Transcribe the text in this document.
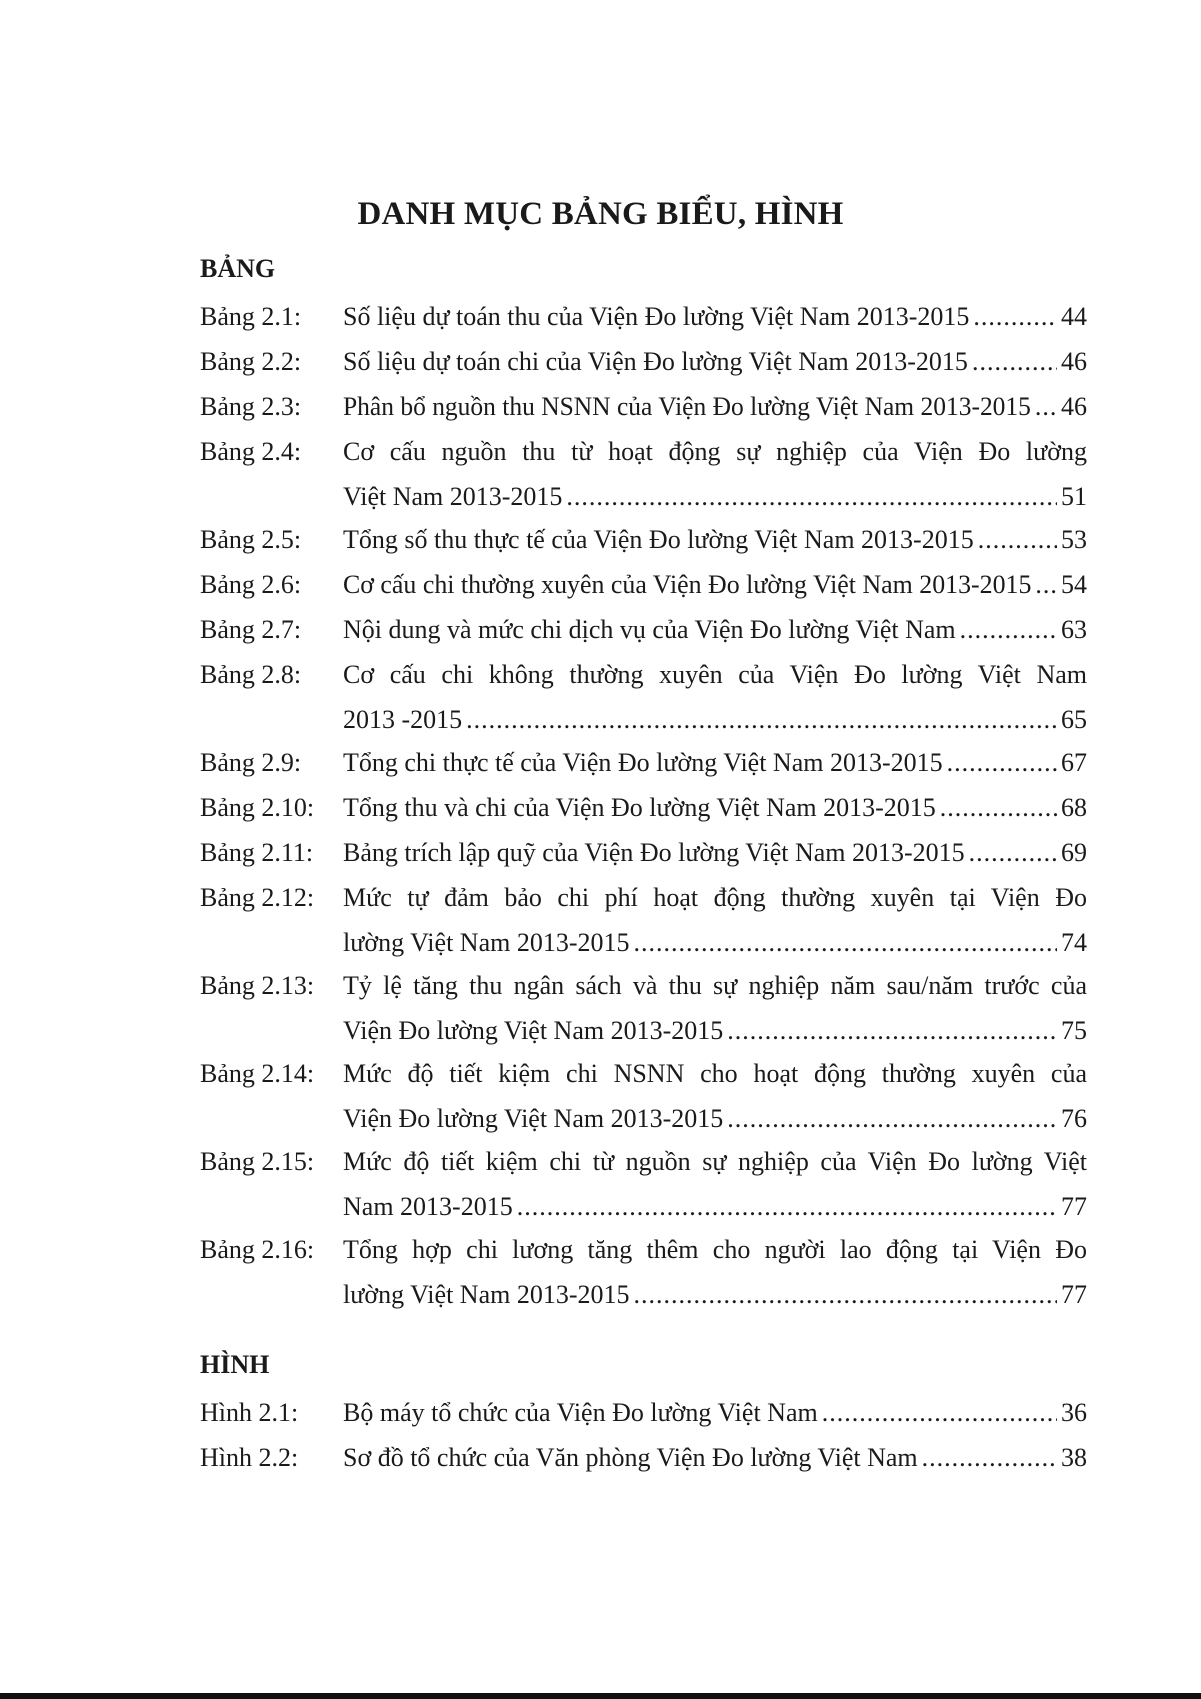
DANH MỤC BẢNG BIỂU, HÌNH
BẢNG
HÌNH
Bảng 2.1: Số liệu dự toán thu của Viện Đo lường Việt Nam 2013-2015 .....	44
Bảng 2.2: Số liệu dự toán chi của Viện Đo lường Việt Nam 2013-2015 .....	46
Bảng 2.3: Phân bổ nguồn thu NSNN của Viện Đo lường Việt Nam 2013-2015 ..... 46
Bảng 2.4: Cơ cấu nguồn thu từ hoạt động sự nghiệp của Viện Đo lường
Việt Nam 2013-2015 .....	51
Bảng 2.5: Tổng số thu thực tế của Viện Đo lường Việt Nam 2013-2015 .....	53
Bảng 2.6: Cơ cấu chi thường xuyên của Viện Đo lường Việt Nam 2013-2015 ..... 54
Bảng 2.7: Nội dung và mức chi dịch vụ của Viện Đo lường Việt Nam .....	63
Bảng 2.8: Cơ cấu chi không thường xuyên của Viện Đo lường Việt Nam
2013 -2015 .....	65
Bảng 2.9: Tổng chi thực tế của Viện Đo lường Việt Nam 2013-2015 .....	67
Bảng 2.10: Tổng thu và chi của Viện Đo lường Việt Nam 2013-2015 .....	68
Bảng 2.11: Bảng trích lập quỹ của Viện Đo lường Việt Nam 2013-2015 .....	69
Bảng 2.12: Mức tự đảm bảo chi phí hoạt động thường xuyên tại Viện Đo
lường Việt Nam 2013-2015 .....	74
Bảng 2.13: Tỷ lệ tăng thu ngân sách và thu sự nghiệp năm sau/năm trước của
Viện Đo lường Việt Nam 2013-2015 .....	75
Bảng 2.14: Mức độ tiết kiệm chi NSNN cho hoạt động thường xuyên của
Viện Đo lường Việt Nam 2013-2015 .....	76
Bảng 2.15: Mức độ tiết kiệm chi từ nguồn sự nghiệp của Viện Đo lường Việt
Nam 2013-2015 .....	77
Bảng 2.16: Tổng hợp chi lương tăng thêm cho người lao động tại Viện Đo
lường Việt Nam 2013-2015 .....	77
Hình 2.1: Bộ máy tổ chức của Viện Đo lường Việt Nam .....	36
Hình 2.2: Sơ đồ tổ chức của Văn phòng Viện Đo lường Việt Nam .....	38
